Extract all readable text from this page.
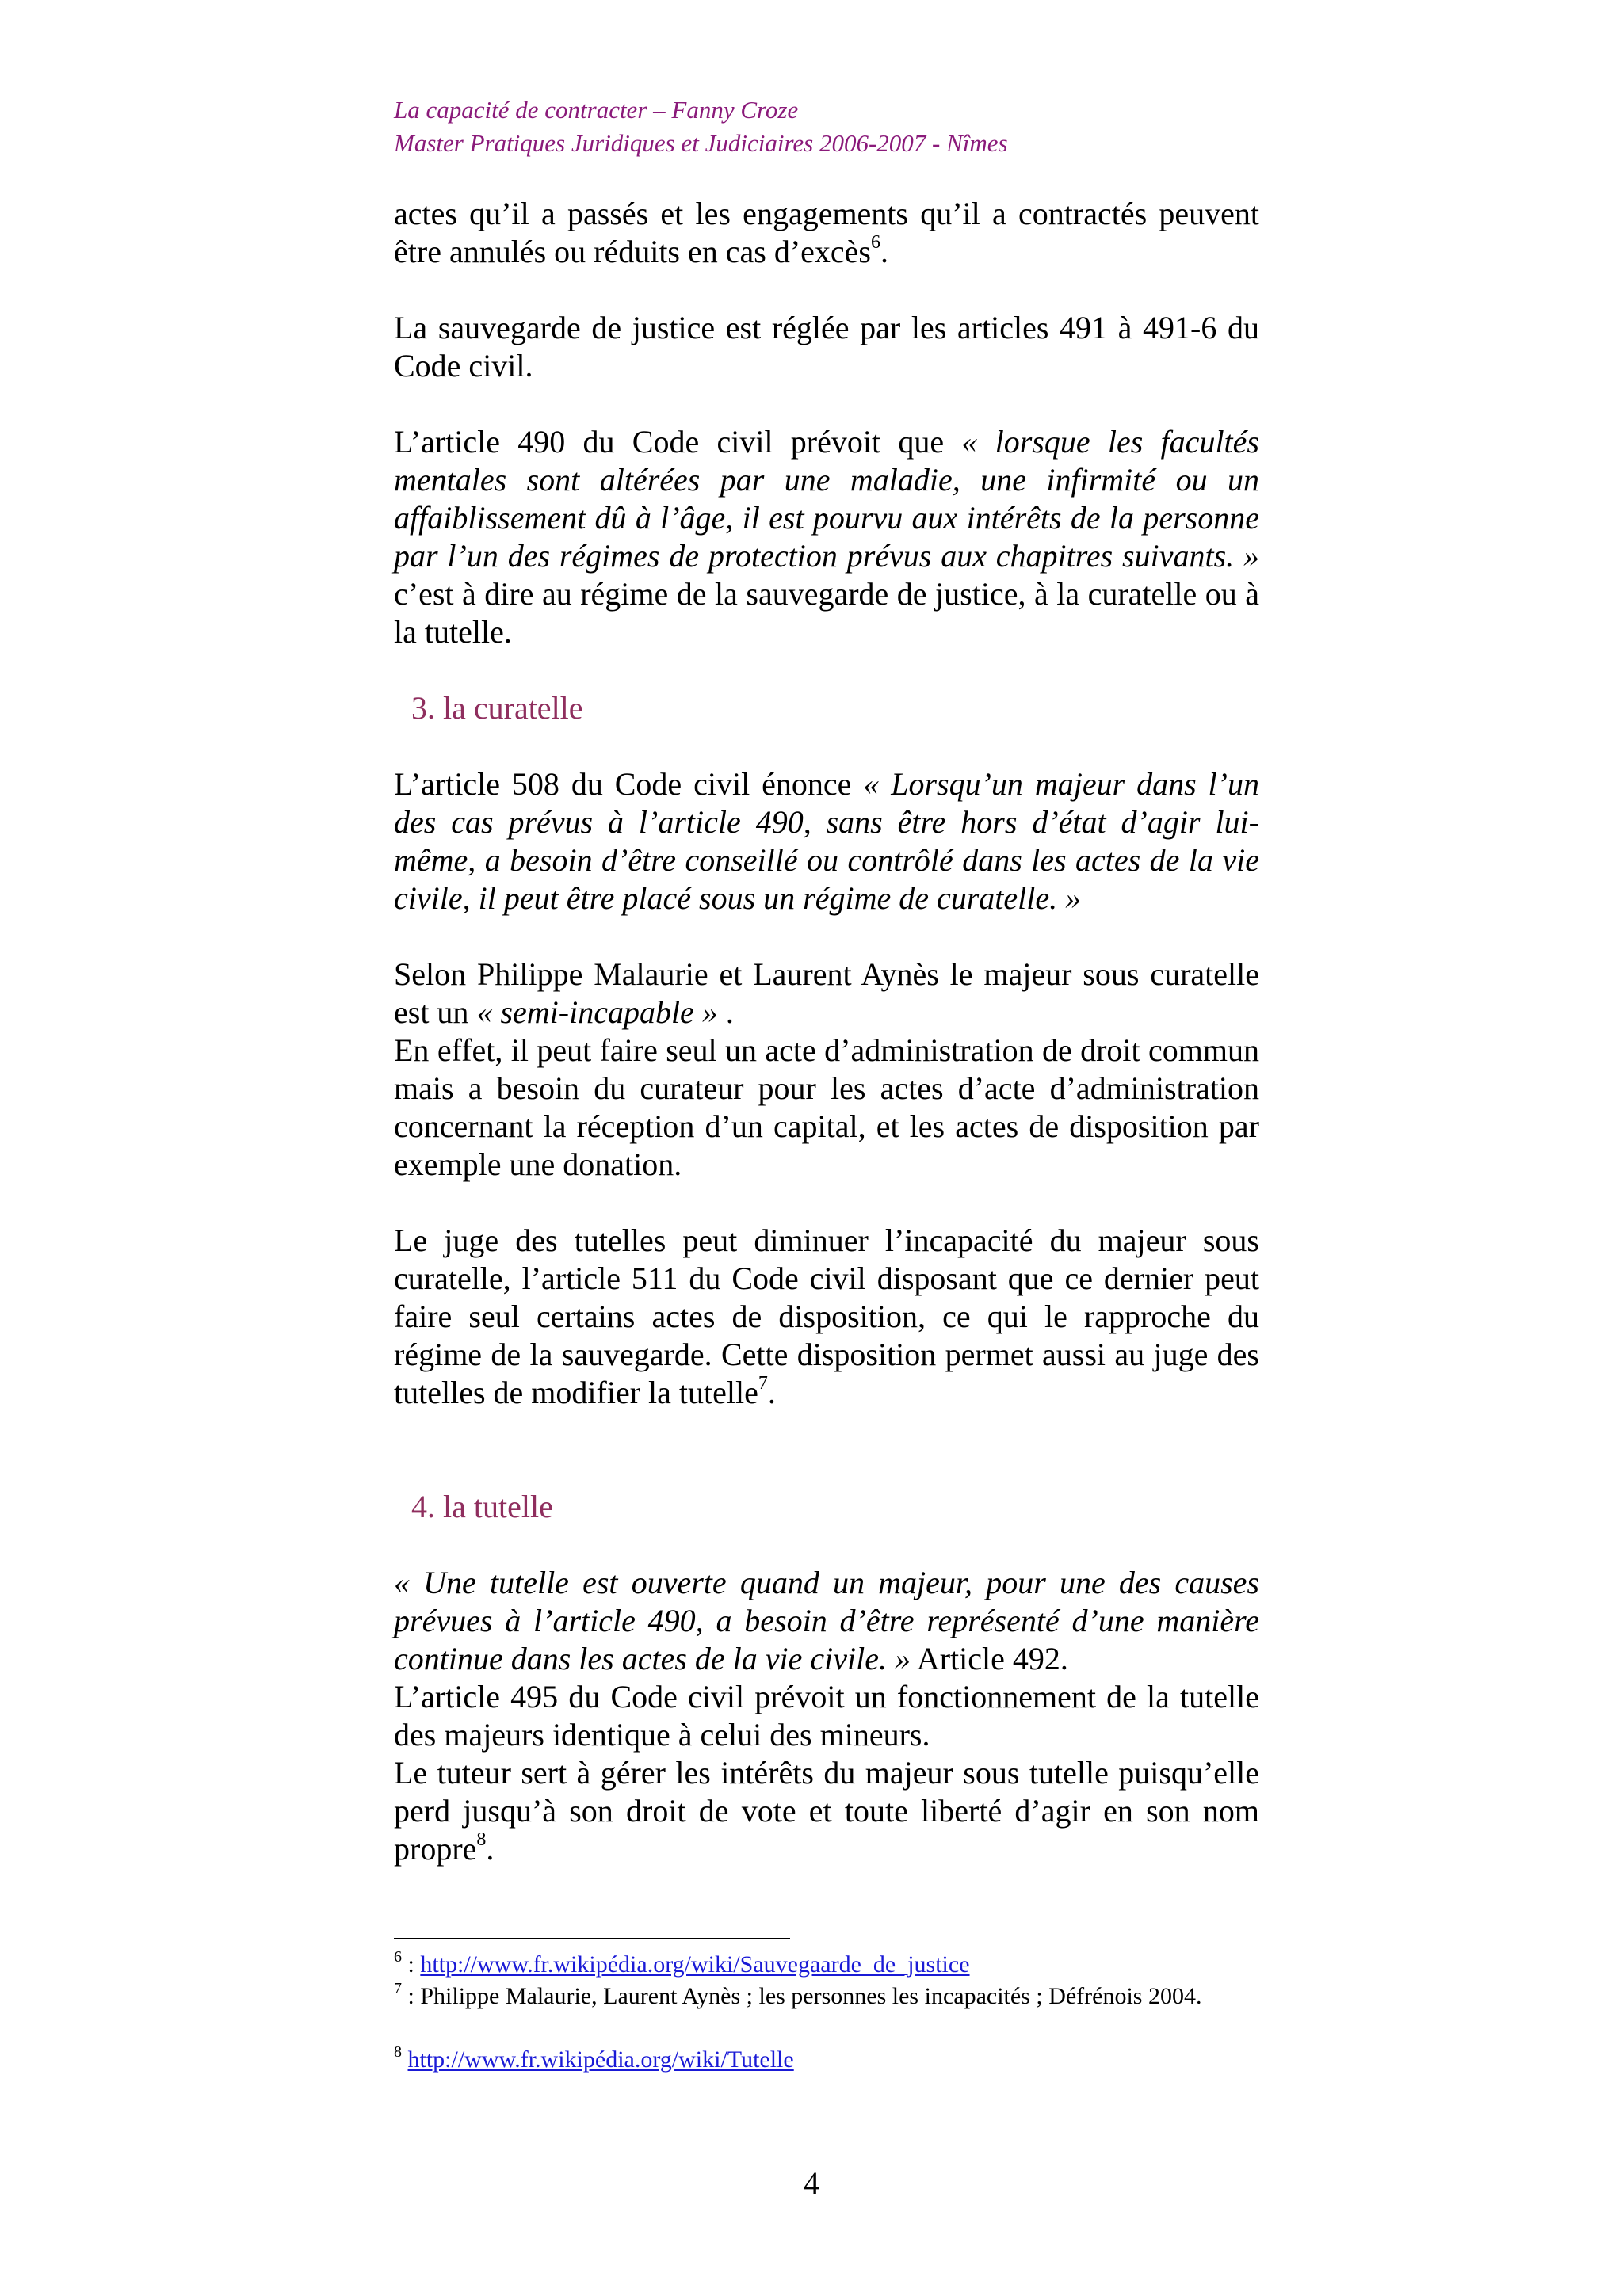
La capacité de contracter – Fanny Croze
Master Pratiques Juridiques et Judiciaires 2006-2007 - Nîmes

actes qu’il a passés et les engagements qu’il a contractés peuvent être annulés ou réduits en cas d’excès$^6$.

La sauvegarde de justice est réglée par les articles 491 à 491-6 du Code civil.

L’article 490 du Code civil prévoit que « lorsque les facultés mentales sont altérées par une maladie, une infirmité ou un affaiblissement dû à l’âge, il est pourvu aux intérêts de la personne par l’un des régimes de protection prévus aux chapitres suivants. » c’est à dire au régime de la sauvegarde de justice, à la curatelle ou à la tutelle.

3. la curatelle

L’article 508 du Code civil énonce « Lorsqu’un majeur dans l’un des cas prévus à l’article 490, sans être hors d’état d’agir lui-même, a besoin d’être conseillé ou contrôlé dans les actes de la vie civile, il peut être placé sous un régime de curatelle. »

Selon Philippe Malaurie et Laurent Aynès le majeur sous curatelle est un « semi-incapable » .

En effet, il peut faire seul un acte d’administration de droit commun mais a besoin du curateur pour les actes d’acte d’administration concernant la réception d’un capital, et les actes de disposition par exemple une donation.

Le juge des tutelles peut diminuer l’incapacité du majeur sous curatelle, l’article 511 du Code civil disposant que ce dernier peut faire seul certains actes de disposition, ce qui le rapproche du régime de la sauvegarde. Cette disposition permet aussi au juge des tutelles de modifier la tutelle$^7$.

4. la tutelle

« Une tutelle est ouverte quand un majeur, pour une des causes prévues à l’article 490, a besoin d’être représenté d’une manière continue dans les actes de la vie civile. » Article 492.

L’article 495 du Code civil prévoit un fonctionnement de la tutelle des majeurs identique à celui des mineurs.

Le tuteur sert à gérer les intérêts du majeur sous tutelle puisqu’elle perd jusqu’à son droit de vote et toute liberté d’agir en son nom propre$^8$.

$^6$ : http://www.fr.wikipédia.org/wiki/Sauvegaarde_de_justice

$^7$ : Philippe Malaurie, Laurent Aynès ; les personnes les incapacités ; Défrénois 2004.

$^8$ http://www.fr.wikipédia.org/wiki/Tutelle

4
